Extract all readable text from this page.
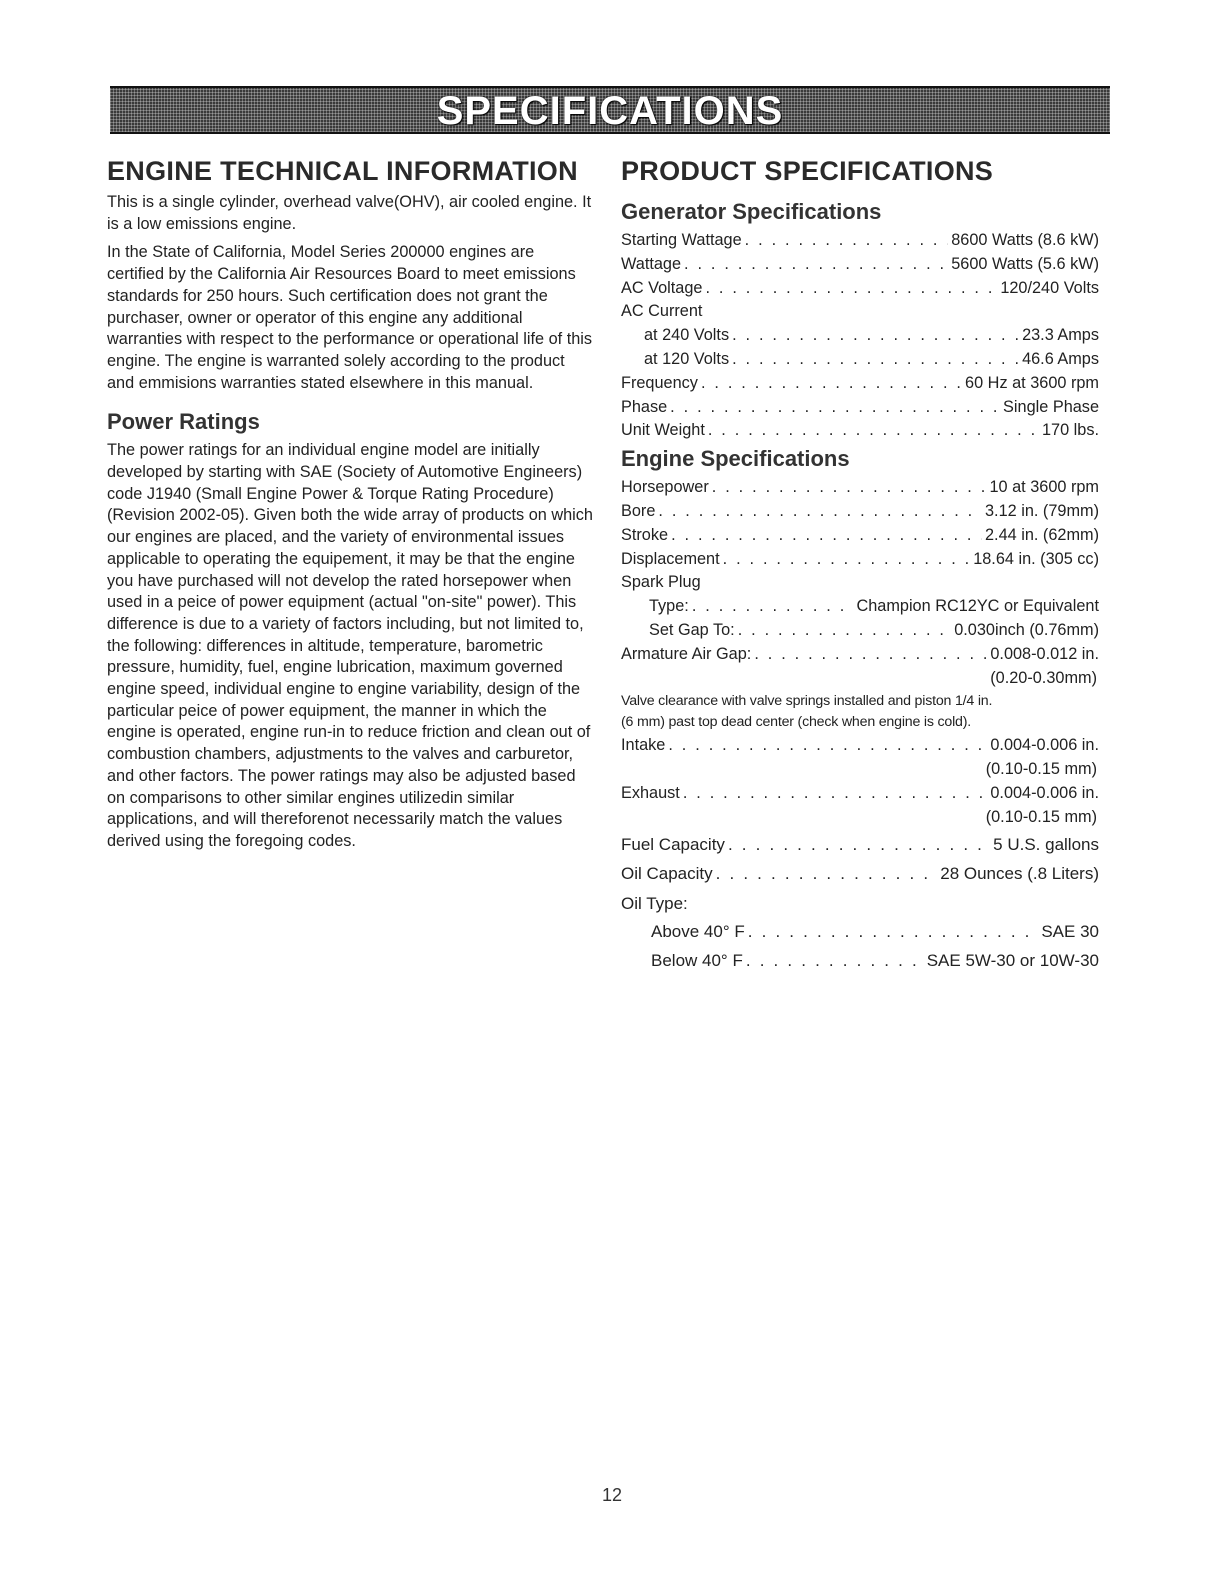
SPECIFICATIONS
ENGINE TECHNICAL INFORMATION

This is a single cylinder, overhead valve(OHV), air cooled engine. It is a low emissions engine.

In the State of California, Model Series 200000 engines are certified by the California Air Resources Board to meet emissions standards for 250 hours. Such certification does not grant the purchaser, owner or operator of this engine any additional warranties with respect to the performance or operational life of this engine. The engine is warranted solely according to the product and emmisions warranties stated elsewhere in this manual.

Power Ratings

The power ratings for an individual engine model are initially developed by starting with SAE (Society of Automotive Engineers) code J1940 (Small Engine Power & Torque Rating Procedure) (Revision 2002-05). Given both the wide array of products on which our engines are placed, and the variety of environmental issues applicable to operating the equipement, it may be that the engine you have purchased will not develop the rated horsepower when used in a peice of power equipment (actual "on-site" power). This difference is due to a variety of factors including, but not limited to, the following: differences in altitude, temperature, barometric pressure, humidity, fuel, engine lubrication, maximum governed engine speed, individual engine to engine variability, design of the particular peice of power equipment, the manner in which the engine is operated, engine run-in to reduce friction and clean out of combustion chambers, adjustments to the valves and carburetor, and other factors. The power ratings may also be adjusted based on comparisons to other similar engines utilizedin similar applications, and will thereforenot necessarily match the values derived using the foregoing codes.

PRODUCT SPECIFICATIONS
Generator Specifications
Starting Wattage . . .	8600 Watts (8.6 kW)
Wattage . . .	5600 Watts (5.6 kW)
AC Voltage . . .	120/240 Volts
AC Current
at 240 Volts . . .	23.3 Amps
at 120 Volts . . .	46.6 Amps
Frequency . . .	60 Hz at 3600 rpm
Phase . . .	Single Phase
Unit Weight . . .	170 lbs.
Engine Specifications
Horsepower . . .	10 at 3600 rpm
Bore . . .	3.12 in. (79mm)
Stroke . . .	2.44 in. (62mm)
Displacement . . .	18.64 in. (305 cc)
Spark Plug
Type: . . .	Champion RC12YC or Equivalent
Set Gap To: . . .	0.030inch (0.76mm)
Armature Air Gap: . . .	0.008-0.012 in.
(0.20-0.30mm)
Valve clearance with valve springs installed and piston 1/4 in.
(6 mm) past top dead center (check when engine is cold).
Intake . . .	0.004-0.006 in.
(0.10-0.15 mm)
Exhaust . . .	0.004-0.006 in.
(0.10-0.15 mm)
Fuel Capacity . . .	5 U.S. gallons
Oil Capacity . . .	28 Ounces (.8 Liters)
Oil Type:
Above 40° F . . .	SAE 30
Below 40° F . . .	SAE 5W-30 or 10W-30
12
